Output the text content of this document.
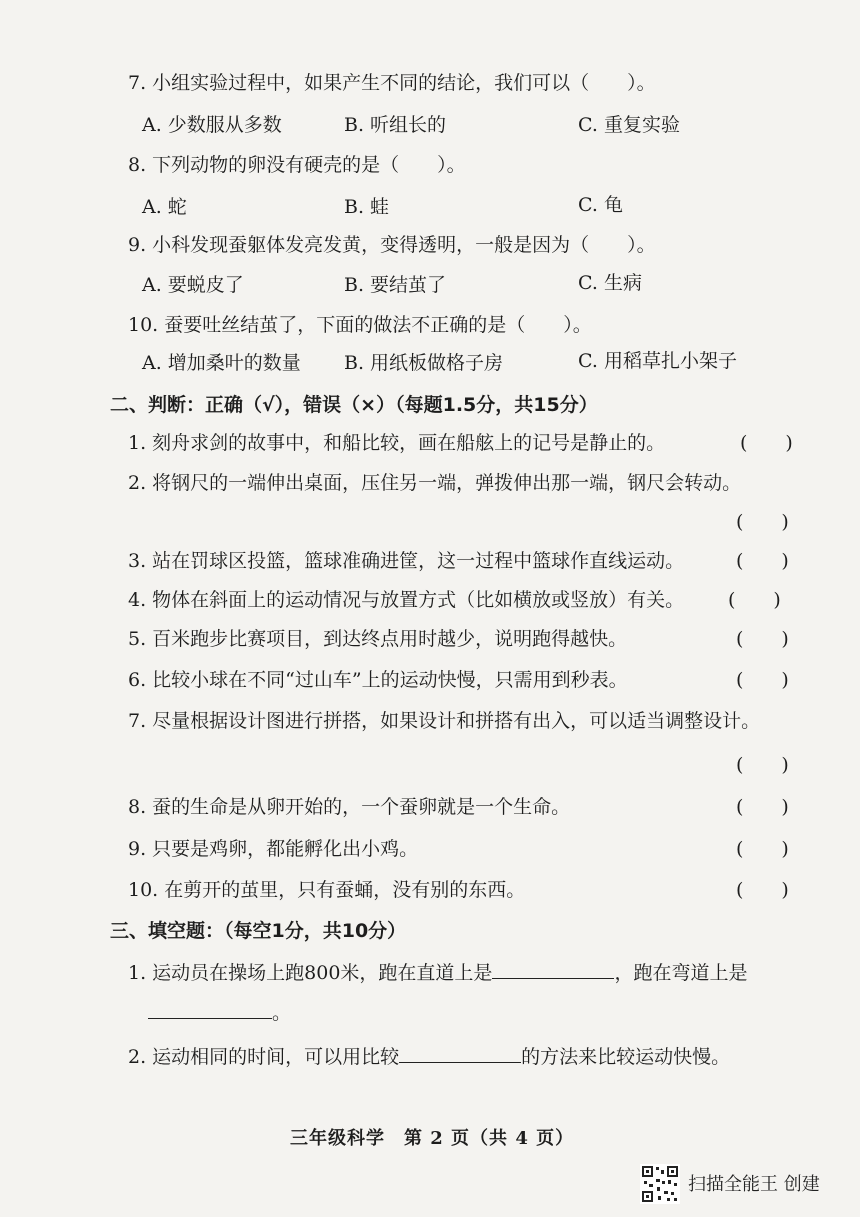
7. 小组实验过程中，如果产生不同的结论，我们可以（　　）。
A. 少数服从多数	B. 听组长的	C. 重复实验
8. 下列动物的卵没有硬壳的是（　　）。
A. 蛇	B. 蛙	C. 龟
9. 小科发现蚕躯体发亮发黄，变得透明，一般是因为（　　）。
A. 要蜕皮了	B. 要结茧了	C. 生病
10. 蚕要吐丝结茧了，下面的做法不正确的是（　　）。
A. 增加桑叶的数量 B. 用纸板做格子房	C. 用稻草扎小架子
二、判断：正确（√），错误（×）（每题1.5分，共15分）
1. 刻舟求剑的故事中，和船比较，画在船舷上的记号是静止的。	(　　)
2. 将钢尺的一端伸出桌面，压住另一端，弹拨伸出那一端，钢尺会转动。
(　　)
3. 站在罚球区投篮，篮球准确进筐，这一过程中篮球作直线运动。	(　　)
4. 物体在斜面上的运动情况与放置方式（比如横放或竖放）有关。 (　　)
5. 百米跑步比赛项目，到达终点用时越少，说明跑得越快。	(　　)
6. 比较小球在不同“过山车”上的运动快慢，只需用到秒表。	(　　)
7. 尽量根据设计图进行拼搭，如果设计和拼搭有出入，可以适当调整设计。
(　　)
8. 蚕的生命是从卵开始的，一个蚕卵就是一个生命。	(　　)
9. 只要是鸡卵，都能孵化出小鸡。	(　　)
10. 在剪开的茧里，只有蚕蛹，没有别的东西。	(　　)
三、填空题：（每空1分，共10分）
1. 运动员在操场上跑800米，跑在直道上是	，跑在弯道上是
。
2. 运动相同的时间，可以用比较	的方法来比较运动快慢。
三年级科学　第 2 页（共 4 页）
扫描全能王 创建
